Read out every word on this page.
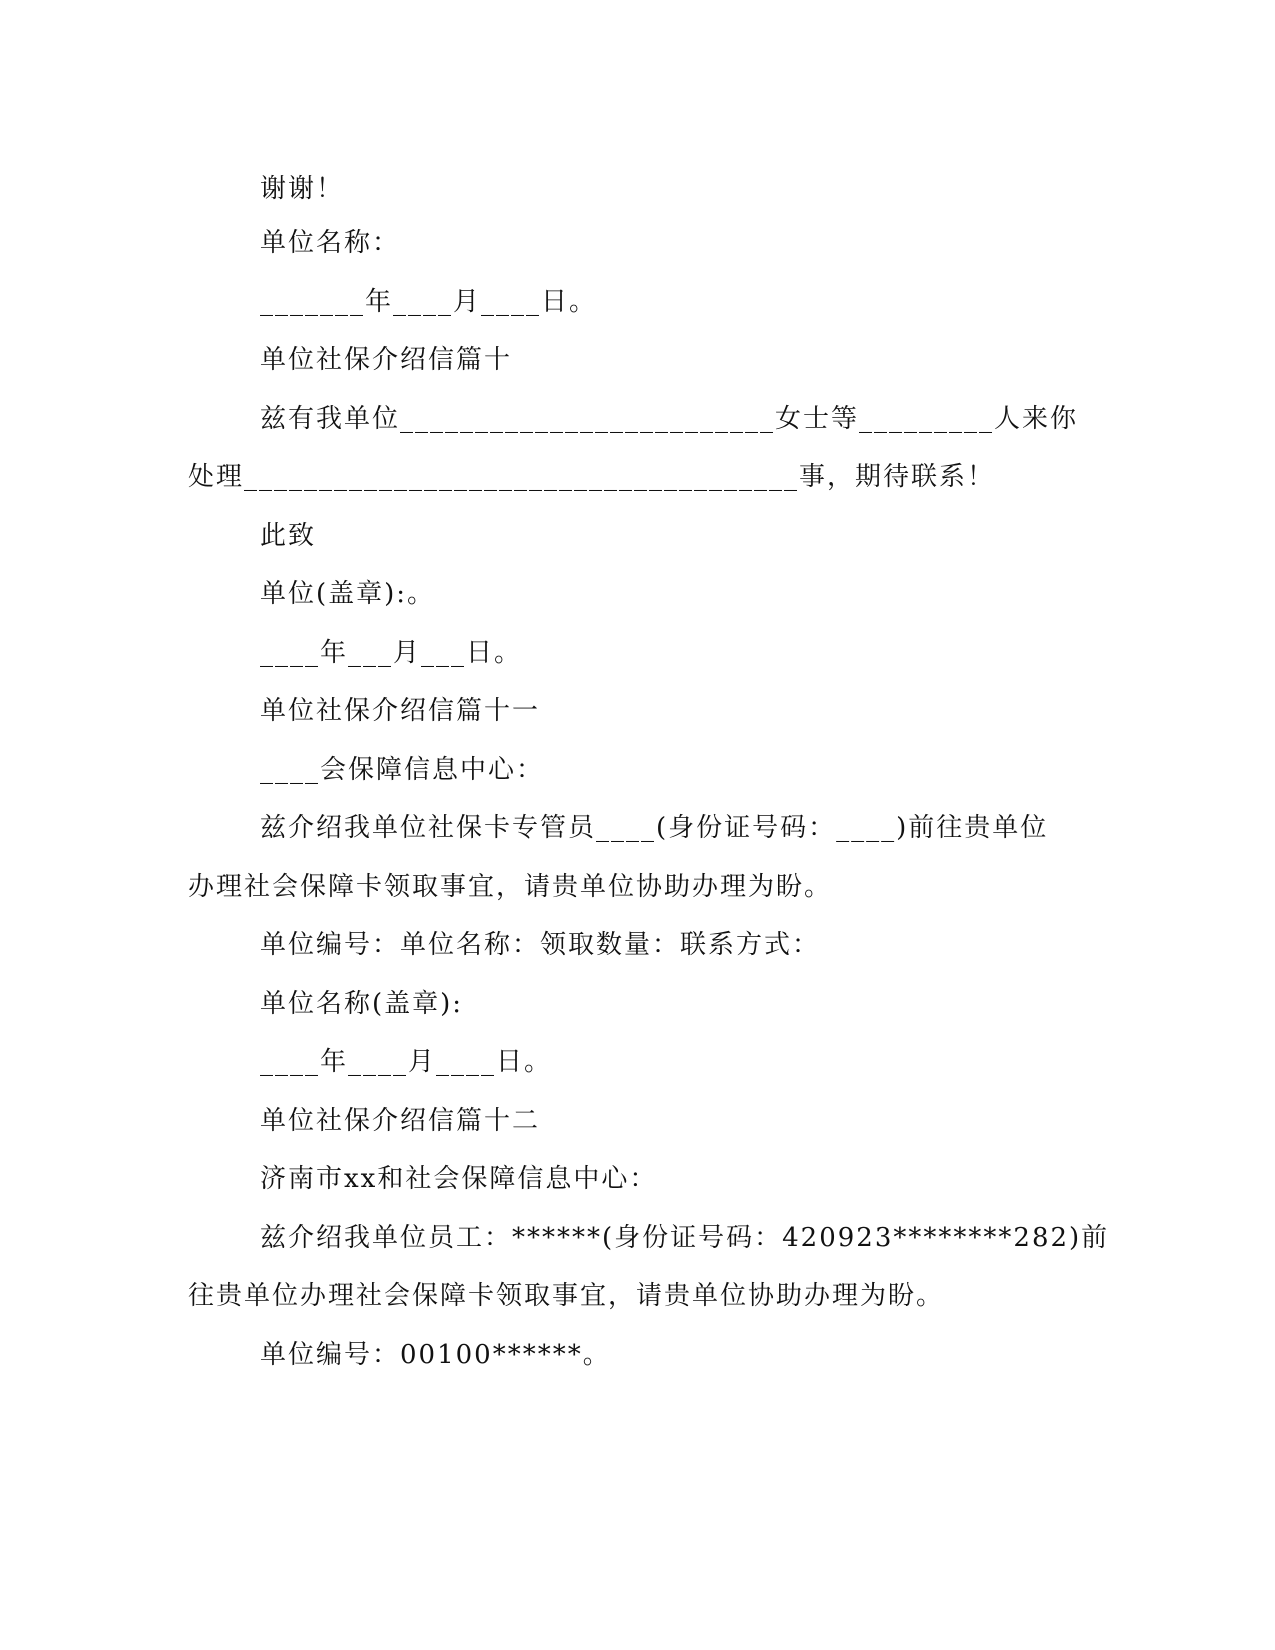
谢谢！
单位名称：
_______年____月____日。
单位社保介绍信篇十
兹有我单位_________________________女士等_________人来你
处理_____________________________________事，期待联系！
此致
单位(盖章):。
____年___月___日。
单位社保介绍信篇十一
____会保障信息中心：
兹介绍我单位社保卡专管员____(身份证号码：____)前往贵单位
办理社会保障卡领取事宜，请贵单位协助办理为盼。
单位编号：单位名称：领取数量：联系方式：
单位名称(盖章):
____年____月____日。
单位社保介绍信篇十二
济南市xx和社会保障信息中心：
兹介绍我单位员工：******(身份证号码：420923********282)前
往贵单位办理社会保障卡领取事宜，请贵单位协助办理为盼。
单位编号：00100******。
